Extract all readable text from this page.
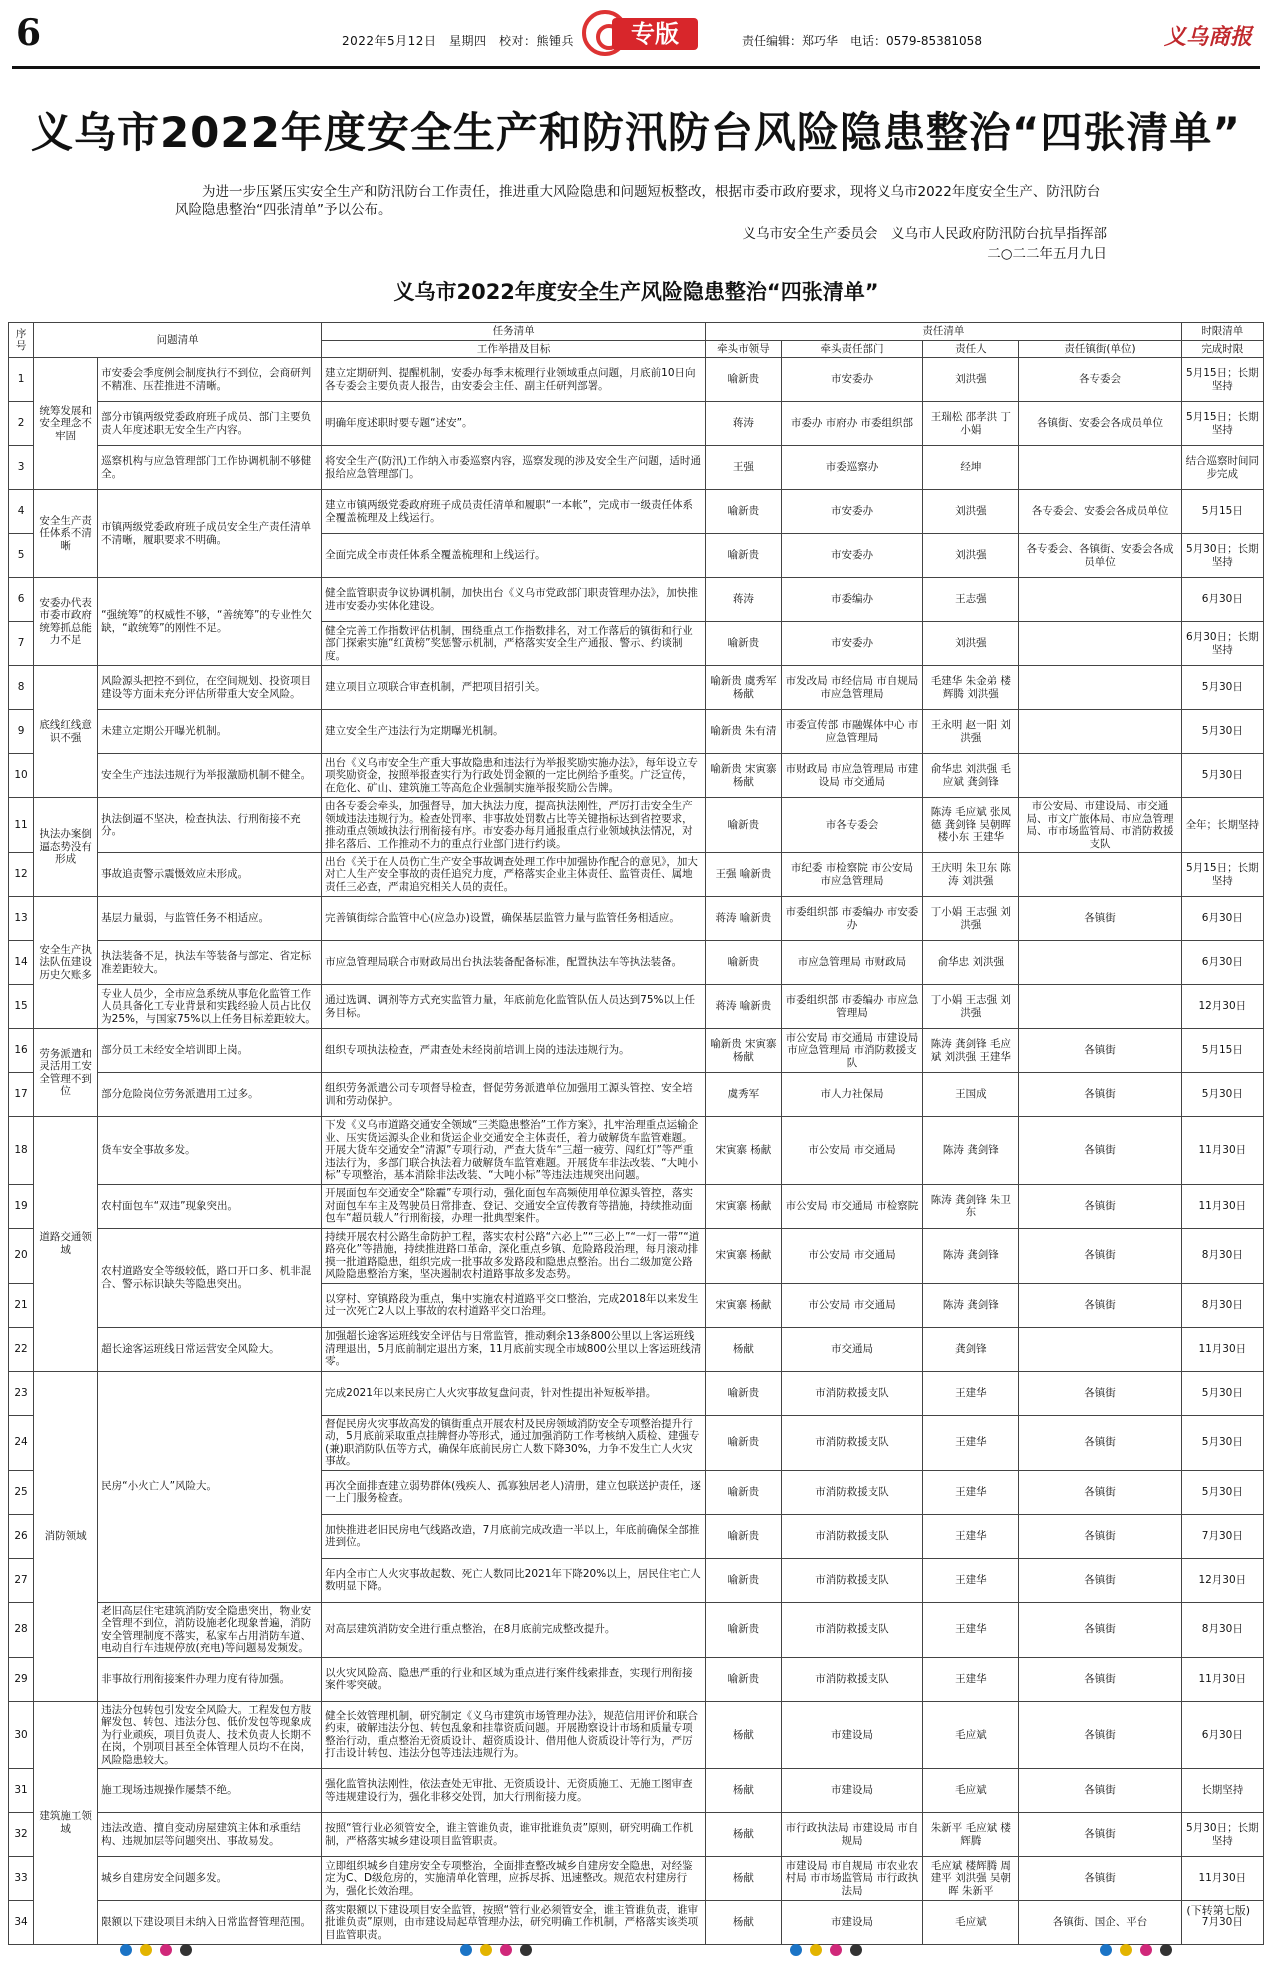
6	2022年5月12日　星期四　校对：熊锺兵	专版	责任编辑：郑巧华　电话：0579-85381058	义乌商报
义乌市2022年度安全生产和防汛防台风险隐患整治“四张清单”
为进一步压紧压实安全生产和防汛防台工作责任，推进重大风险隐患和问题短板整改，根据市委市政府要求，现将义乌市2022年度安全生产、防汛防台风险隐患整治“四张清单”予以公布。
义乌市安全生产委员会　义乌市人民政府防汛防台抗旱指挥部
二○二二年五月九日
义乌市2022年度安全生产风险隐患整治“四张清单”
序号	问题清单		任务清单	责任清单				时限清单
			工作举措及目标	牵头市领导	牵头责任部门	责任人	责任镇街(单位)	完成时限

1	统筹发展和安全理念不牢固	市安委会季度例会制度执行不到位，会商研判不精准、压茬推进不清晰。	建立定期研判、提醒机制，安委办每季末梳理行业领域重点问题，月底前10日向各专委会主要负责人报告，由安委会主任、副主任研判部署。	喻新贵	市安委办	刘洪强	各专委会	5月15日；长期坚持
2		部分市镇两级党委政府班子成员、部门主要负责人年度述职无安全生产内容。	明确年度述职时要专题“述安”。	蒋涛	市委办 市府办 市委组织部	王瑞松 邵孝洪 丁小娟	各镇街、安委会各成员单位	5月15日；长期坚持
3		巡察机构与应急管理部门工作协调机制不够健全。	将安全生产(防汛)工作纳入市委巡察内容，巡察发现的涉及安全生产问题，适时通报给应急管理部门。	王强	市委巡察办	经坤		结合巡察时间同步完成
4	安全生产责任体系不清晰	市镇两级党委政府班子成员安全生产责任清单不清晰，履职要求不明确。	建立市镇两级党委政府班子成员责任清单和履职“一本帐”，完成市一级责任体系全覆盖梳理及上线运行。	喻新贵	市安委办	刘洪强	各专委会、安委会各成员单位	5月15日
5			全面完成全市责任体系全覆盖梳理和上线运行。	喻新贵	市安委办	刘洪强	各专委会、各镇街、安委会各成员单位	5月30日；长期坚持
6	安委办代表市委市政府统筹抓总能力不足	“强统筹”的权威性不够，“善统筹”的专业性欠缺，“敢统筹”的刚性不足。	健全监管职责争议协调机制，加快出台《义乌市党政部门职责管理办法》，加快推进市安委办实体化建设。	蒋涛	市委编办	王志强		6月30日
7			健全完善工作指数评估机制，围绕重点工作指数排名，对工作落后的镇街和行业部门探索实施“红黄榜”奖惩警示机制，严格落实安全生产通报、警示、约谈制度。	喻新贵	市安委办	刘洪强		6月30日；长期坚持
8	底线红线意识不强	风险源头把控不到位，在空间规划、投资项目建设等方面未充分评估所带重大安全风险。	建立项目立项联合审查机制，严把项目招引关。	喻新贵 虞秀军 杨献	市发改局 市经信局 市自规局 市应急管理局	毛建华 朱金弟 楼辉腾 刘洪强		5月30日
9		未建立定期公开曝光机制。	建立安全生产违法行为定期曝光机制。	喻新贵 朱有清	市委宣传部 市融媒体中心 市应急管理局	王永明 赵一阳 刘洪强		5月30日
10		安全生产违法违规行为举报激励机制不健全。	出台《义乌市安全生产重大事故隐患和违法行为举报奖励实施办法》，每年设立专项奖励资金，按照举报查实行为行政处罚金额的一定比例给予重奖。广泛宣传，在危化、矿山、建筑施工等高危企业强制实施举报奖励公告牌。	喻新贵 宋寅寨 杨献	市财政局 市应急管理局 市建设局 市交通局	俞华忠 刘洪强 毛应斌 龚剑锋		5月30日
11	执法办案倒逼态势没有形成	执法倒逼不坚决，检查执法、行刑衔接不充分。	由各专委会牵头，加强督导，加大执法力度，提高执法刚性，严厉打击安全生产领域违法违规行为。检查处罚率、非事故处罚数占比等关键指标达到省控要求，推动重点领域执法行刑衔接有序。市安委办每月通报重点行业领域执法情况，对排名落后、工作推动不力的重点行业部门进行约谈。	喻新贵	市各专委会	陈涛 毛应斌 张凤德 龚剑锋 吴朝晖 楼小东 王建华	市公安局、市建设局、市交通局、市文广旅体局、市应急管理局、市市场监管局、市消防救援支队	全年；长期坚持
12		事故追责警示震慑效应未形成。	出台《关于在人员伤亡生产安全事故调查处理工作中加强协作配合的意见》，加大对亡人生产安全事故的责任追究力度，严格落实企业主体责任、监管责任、属地责任三必查，严肃追究相关人员的责任。	王强 喻新贵	市纪委 市检察院 市公安局 市应急管理局	王庆明 朱卫东 陈涛 刘洪强		5月15日；长期坚持
13	安全生产执法队伍建设历史欠账多	基层力量弱，与监管任务不相适应。	完善镇街综合监管中心(应急办)设置，确保基层监管力量与监管任务相适应。	蒋涛 喻新贵	市委组织部 市委编办 市安委办	丁小娟 王志强 刘洪强	各镇街	6月30日
14		执法装备不足，执法车等装备与部定、省定标准差距较大。	市应急管理局联合市财政局出台执法装备配备标准，配置执法车等执法装备。	喻新贵	市应急管理局 市财政局	俞华忠 刘洪强		6月30日
15		专业人员少，全市应急系统从事危化监管工作人员具备化工专业背景和实践经验人员占比仅为25%，与国家75%以上任务目标差距较大。	通过选调、调剂等方式充实监管力量，年底前危化监管队伍人员达到75%以上任务目标。	蒋涛 喻新贵	市委组织部 市委编办 市应急管理局	丁小娟 王志强 刘洪强		12月30日
16	劳务派遣和灵活用工安全管理不到位	部分员工未经安全培训即上岗。	组织专项执法检查，严肃查处未经岗前培训上岗的违法违规行为。	喻新贵 宋寅寨 杨献	市公安局 市交通局 市建设局 市应急管理局 市消防救援支队	陈涛 龚剑锋 毛应斌 刘洪强 王建华	各镇街	5月15日
17		部分危险岗位劳务派遣用工过多。	组织劳务派遣公司专项督导检查，督促劳务派遣单位加强用工源头管控、安全培训和劳动保护。	虞秀军	市人力社保局	王国成	各镇街	5月30日
18	道路交通领域	货车安全事故多发。	下发《义乌市道路交通安全领域“三类隐患整治”工作方案》，扎牢治理重点运输企业、压实货运源头企业和货运企业交通安全主体责任，着力破解货车监管难题。开展大货车交通安全“清源”专项行动，严查大货车“三超一疲劳、闯红灯”等严重违法行为，多部门联合执法着力破解货车监管难题。开展货车非法改装、“大吨小标”专项整治，基本消除非法改装、“大吨小标”等违法违规突出问题。	宋寅寨 杨献	市公安局 市交通局	陈涛 龚剑锋	各镇街	11月30日
19		农村面包车“双违”现象突出。	开展面包车交通安全“除霾”专项行动，强化面包车高频使用单位源头管控，落实对面包车车主及驾驶员日常排查、登记、交通安全宣传教育等措施，持续推动面包车“超员载人”行刑衔接，办理一批典型案件。	宋寅寨 杨献	市公安局 市交通局 市检察院	陈涛 龚剑锋 朱卫东	各镇街	11月30日
20		农村道路安全等级较低，路口开口多、机非混合、警示标识缺失等隐患突出。	持续开展农村公路生命防护工程，落实农村公路“六必上”“三必上”“一灯一带”“道路亮化”等措施，持续推进路口革命，深化重点乡镇、危险路段治理，每月滚动排摸一批道路隐患，组织完成一批事故多发路段和隐患点整治。出台二级加宽公路风险隐患整治方案，坚决遏制农村道路事故多发态势。	宋寅寨 杨献	市公安局 市交通局	陈涛 龚剑锋	各镇街	8月30日
21			以穿村、穿镇路段为重点，集中实施农村道路平交口整治，完成2018年以来发生过一次死亡2人以上事故的农村道路平交口治理。	宋寅寨 杨献	市公安局 市交通局	陈涛 龚剑锋	各镇街	8月30日
22		超长途客运班线日常运营安全风险大。	加强超长途客运班线安全评估与日常监管，推动剩余13条800公里以上客运班线清理退出，5月底前制定退出方案，11月底前实现全市域800公里以上客运班线清零。	杨献	市交通局	龚剑锋		11月30日
23	消防领域	民房“小火亡人”风险大。	完成2021年以来民房亡人火灾事故复盘问责，针对性提出补短板举措。	喻新贵	市消防救援支队	王建华	各镇街	5月30日
24			督促民房火灾事故高发的镇街重点开展农村及民房领域消防安全专项整治提升行动，5月底前采取重点挂牌督办等形式，通过加强消防工作考核纳入质检、建强专(兼)职消防队伍等方式，确保年底前民房亡人数下降30%，力争不发生亡人火灾事故。	喻新贵	市消防救援支队	王建华	各镇街	5月30日
25			再次全面排查建立弱势群体(残疾人、孤寡独居老人)清册，建立包联送护责任，逐一上门服务检查。	喻新贵	市消防救援支队	王建华	各镇街	5月30日
26			加快推进老旧民房电气线路改造，7月底前完成改造一半以上，年底前确保全部推进到位。	喻新贵	市消防救援支队	王建华	各镇街	7月30日
27			年内全市亡人火灾事故起数、死亡人数同比2021年下降20%以上，居民住宅亡人数明显下降。	喻新贵	市消防救援支队	王建华	各镇街	12月30日
28		老旧高层住宅建筑消防安全隐患突出，物业安全管理不到位，消防设施老化现象普遍，消防安全管理制度不落实，私家车占用消防车道、电动自行车违规停放(充电)等问题易发频发。	对高层建筑消防安全进行重点整治，在8月底前完成整改提升。	喻新贵	市消防救援支队	王建华	各镇街	8月30日
29		非事故行刑衔接案件办理力度有待加强。	以火灾风险高、隐患严重的行业和区域为重点进行案件线索排查，实现行刑衔接案件零突破。	喻新贵	市消防救援支队	王建华	各镇街	11月30日
30	建筑施工领域	违法分包转包引发安全风险大。工程发包方肢解发包、转包、违法分包、低价发包等现象成为行业顽疾，项目负责人、技术负责人长期不在岗，个别项目甚至全体管理人员均不在岗，风险隐患较大。	健全长效管理机制，研究制定《义乌市建筑市场管理办法》，规范信用评价和联合约束，破解违法分包、转包乱象和挂靠资质问题。开展勘察设计市场和质量专项整治行动，重点整治无资质设计、超资质设计、借用他人资质设计等行为，严厉打击设计转包、违法分包等违法违规行为。	杨献	市建设局	毛应斌	各镇街	6月30日
31		施工现场违规操作屡禁不绝。	强化监管执法刚性，依法查处无审批、无资质设计、无资质施工、无施工图审查等违规建设行为，强化非移交处罚，加大行刑衔接力度。	杨献	市建设局	毛应斌	各镇街	长期坚持
32		违法改造、擅自变动房屋建筑主体和承重结构、违规加层等问题突出、事故易发。	按照“管行业必须管安全，谁主管谁负责，谁审批谁负责”原则，研究明确工作机制，严格落实城乡建设项目监管职责。	杨献	市行政执法局 市建设局 市自规局	朱新平 毛应斌 楼辉腾	各镇街	5月30日；长期坚持
33		城乡自建房安全问题多发。	立即组织城乡自建房安全专项整治，全面排查整改城乡自建房安全隐患，对经鉴定为C、D级危房的，实施清单化管理，应拆尽拆、迅速整改。规范农村建房行为，强化长效治理。	杨献	市建设局 市自规局 市农业农村局 市市场监管局 市行政执法局	毛应斌 楼辉腾 周建平 刘洪强 吴朝晖 朱新平	各镇街	11月30日
34		限额以下建设项目未纳入日常监督管理范围。	落实限额以下建设项目安全监管，按照“管行业必须管安全，谁主管谁负责，谁审批谁负责”原则，由市建设局起草管理办法，研究明确工作机制，严格落实该类项目监管职责。	杨献	市建设局	毛应斌	各镇街、国企、平台	7月30日
(下转第七版)
